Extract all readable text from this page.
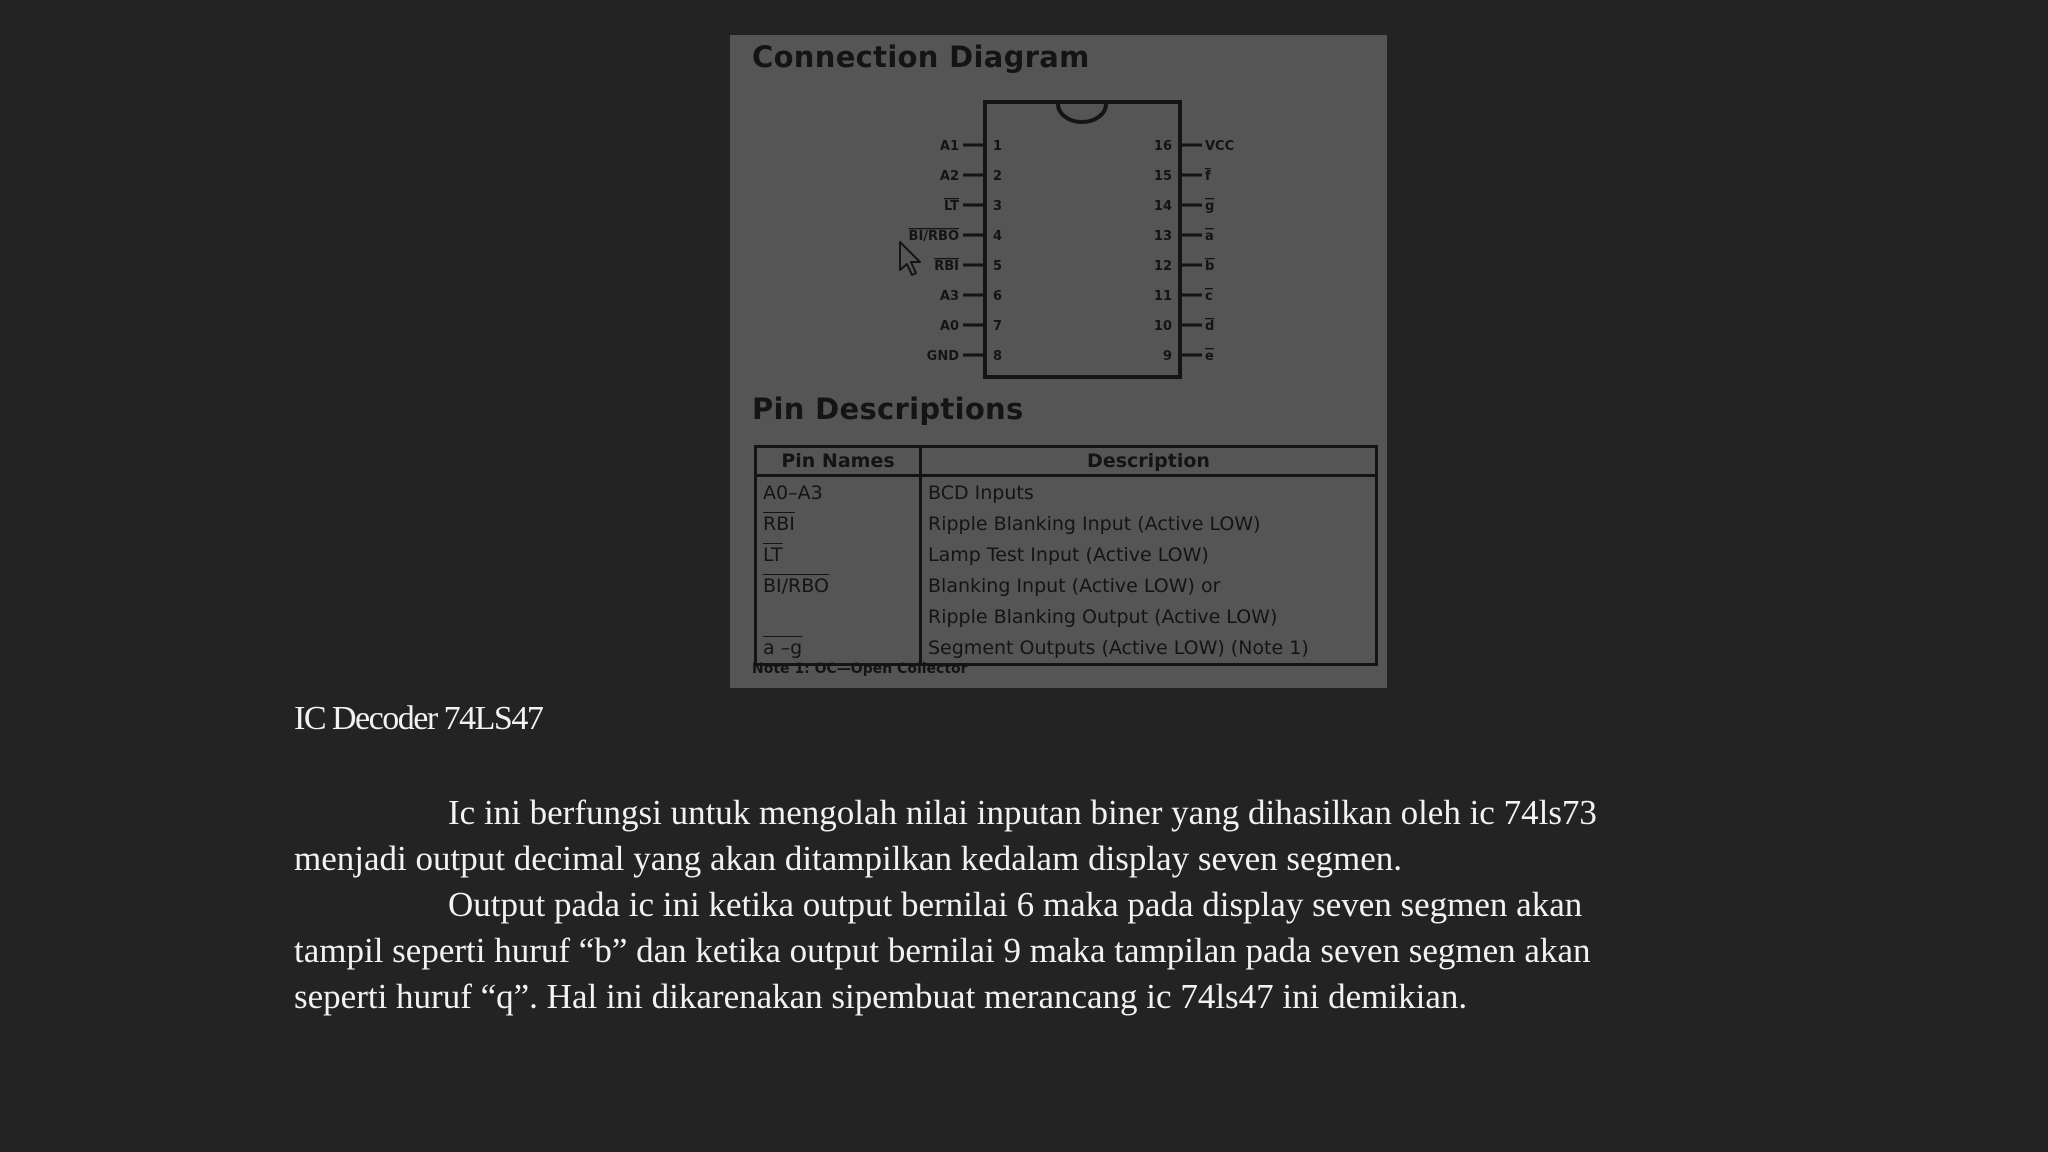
Connection Diagram
A1	1
A2	2
LT	3
BI/RBO	4
RBI	5
A3	6
A0	7
GND	8
16	VCC
15	f
14	g
13	a
12	b
11	c
10	d
9	e
Pin Descriptions
Pin Names	Description
A0–A3	BCD Inputs
$\overline{RBI}$	Ripple Blanking Input (Active LOW)
$\overline{LT}$	Lamp Test Input (Active LOW)
BI/RBO	Blanking Input (Active LOW) or
	Ripple Blanking Output (Active LOW)
a –g	Segment Outputs (Active LOW) (Note 1)
Note 1: OC—Open Collector
IC Decoder 74LS47
Ic ini berfungsi untuk mengolah nilai inputan biner yang dihasilkan oleh ic 74ls73
menjadi output decimal yang akan ditampilkan kedalam display seven segmen.
Output pada ic ini ketika output bernilai 6 maka pada display seven segmen akan
tampil seperti huruf “b” dan ketika output bernilai 9 maka tampilan pada seven segmen akan
seperti huruf “q”. Hal ini dikarenakan sipembuat merancang ic 74ls47 ini demikian.
